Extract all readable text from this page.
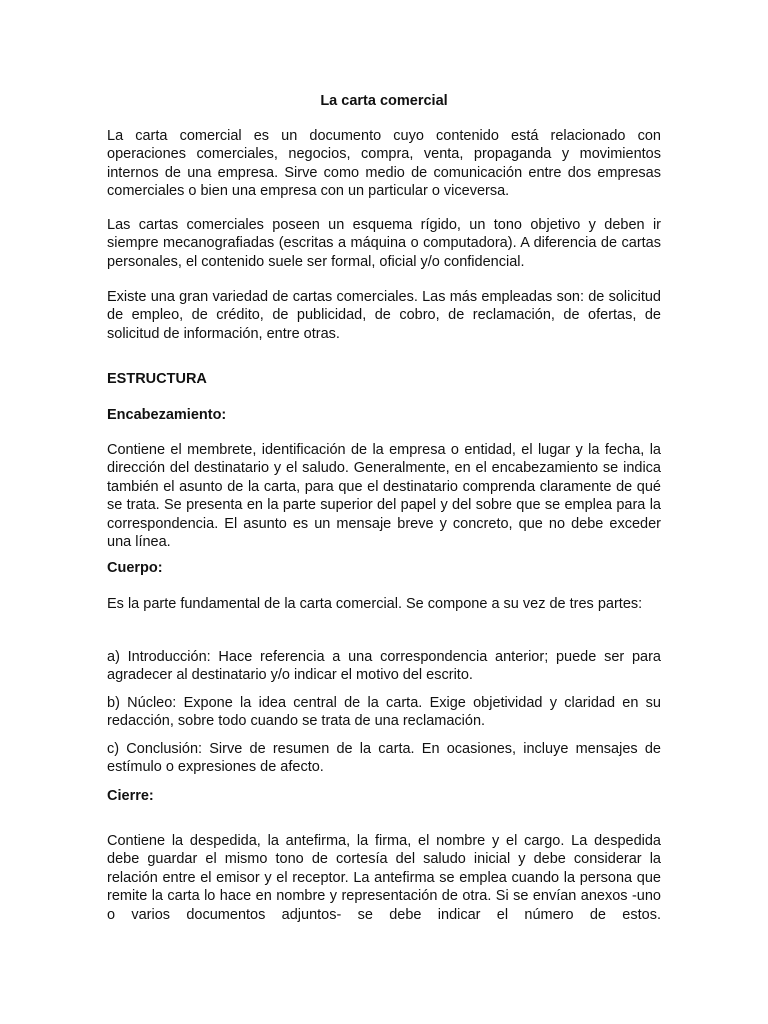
La carta comercial

La carta comercial es un documento cuyo contenido está relacionado con operaciones comerciales, negocios, compra, venta, propaganda y movimientos internos de una empresa. Sirve como medio de comunicación entre dos empresas comerciales o bien una empresa con un particular o viceversa.

Las cartas comerciales poseen un esquema rígido, un tono objetivo y deben ir siempre mecanografiadas (escritas a máquina o computadora). A diferencia de cartas personales, el contenido suele ser formal, oficial y/o confidencial.

Existe una gran variedad de cartas comerciales. Las más empleadas son: de solicitud de empleo, de crédito, de publicidad, de cobro, de reclamación, de ofertas, de solicitud de información, entre otras.

ESTRUCTURA
Encabezamiento:

Contiene el membrete, identificación de la empresa o entidad, el lugar y la fecha, la dirección del destinatario y el saludo. Generalmente, en el encabezamiento se indica también el asunto de la carta, para que el destinatario comprenda claramente de qué se trata. Se presenta en la parte superior del papel y del sobre que se emplea para la correspondencia. El asunto es un mensaje breve y concreto, que no debe exceder una línea.

Cuerpo:

Es la parte fundamental de la carta comercial. Se compone a su vez de tres partes:

a) Introducción: Hace referencia a una correspondencia anterior; puede ser para agradecer al destinatario y/o indicar el motivo del escrito.

b) Núcleo: Expone la idea central de la carta. Exige objetividad y claridad en su redacción, sobre todo cuando se trata de una reclamación.

c) Conclusión: Sirve de resumen de la carta. En ocasiones, incluye mensajes de estímulo o expresiones de afecto.

Cierre:

Contiene la despedida, la antefirma, la firma, el nombre y el cargo. La despedida debe guardar el mismo tono de cortesía del saludo inicial y debe considerar la relación entre el emisor y el receptor. La antefirma se emplea cuando la persona que remite la carta lo hace en nombre y representación de otra. Si se envían anexos -uno o varios documentos adjuntos- se debe indicar el número de estos.
